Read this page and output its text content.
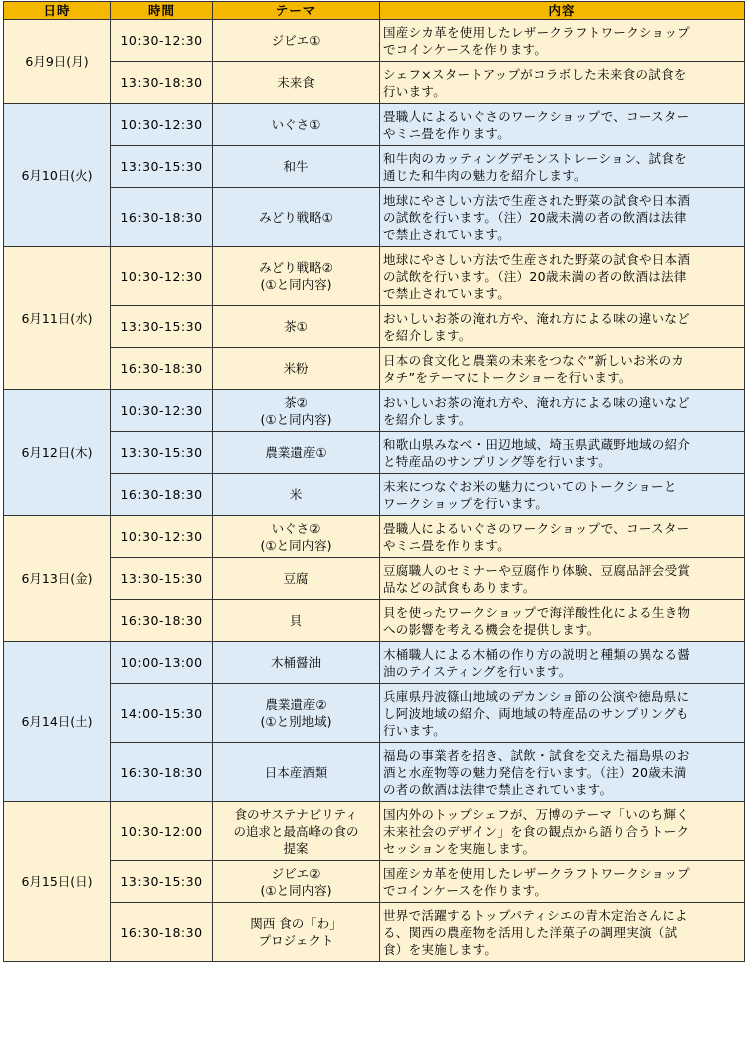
日時	時間	テーマ	内容
6月9日(月)	10:30-12:30	ジビエ①	国産シカ革を使用したレザークラフトワークショップ
でコインケースを作ります。

	13:30-18:30	未来食	シェフ×スタートアップがコラボした未来食の試食を
行います。

6月10日(火)	10:30-12:30	いぐさ①	畳職人によるいぐさのワークショップで、コースター
やミニ畳を作ります。

	13:30-15:30	和牛	和牛肉のカッティングデモンストレーション、試食を
通じた和牛肉の魅力を紹介します。

	16:30-18:30	みどり戦略①	地球にやさしい方法で生産された野菜の試食や日本酒
の試飲を行います。（注）20歳未満の者の飲酒は法律
で禁止されています。

6月11日(水)	10:30-12:30	みどり戦略②
(①と同内容)	地球にやさしい方法で生産された野菜の試食や日本酒
の試飲を行います。（注）20歳未満の者の飲酒は法律
で禁止されています。

	13:30-15:30	茶①	おいしいお茶の淹れ方や、淹れ方による味の違いなど
を紹介します。

	16:30-18:30	米粉	日本の食文化と農業の未来をつなぐ”新しいお米のカ
タチ”をテーマにトークショーを行います。

6月12日(木)	10:30-12:30	茶②
(①と同内容)	おいしいお茶の淹れ方や、淹れ方による味の違いなど
を紹介します。

	13:30-15:30	農業遺産①	和歌山県みなべ・田辺地域、埼玉県武蔵野地域の紹介
と特産品のサンプリング等を行います。

	16:30-18:30	米	未来につなぐお米の魅力についてのトークショーと
ワークショップを行います。

6月13日(金)	10:30-12:30	いぐさ②
(①と同内容)	畳職人によるいぐさのワークショップで、コースター
やミニ畳を作ります。

	13:30-15:30	豆腐	豆腐職人のセミナーや豆腐作り体験、豆腐品評会受賞
品などの試食もあります。

	16:30-18:30	貝	貝を使ったワークショップで海洋酸性化による生き物
への影響を考える機会を提供します。

6月14日(土)	10:00-13:00	木桶醤油	木桶職人による木桶の作り方の説明と種類の異なる醤
油のテイスティングを行います。

	14:00-15:30	農業遺産②
(①と別地域)	兵庫県丹波篠山地域のデカンショ節の公演や徳島県に
し阿波地域の紹介、両地域の特産品のサンプリングも
行います。

	16:30-18:30	日本産酒類	福島の事業者を招き、試飲・試食を交えた福島県のお
酒と水産物等の魅力発信を行います。（注）20歳未満
の者の飲酒は法律で禁止されています。

6月15日(日)	10:30-12:00	食のサステナビリティ
の追求と最高峰の食の
提案	国内外のトップシェフが、万博のテーマ「いのち輝く
未来社会のデザイン」を食の観点から語り合うトーク
セッションを実施します。

	13:30-15:30	ジビエ②
(①と同内容)	国産シカ革を使用したレザークラフトワークショップ
でコインケースを作ります。

	16:30-18:30	関西 食の「わ」
プロジェクト	世界で活躍するトップパティシエの青木定治さんによ
る、関西の農産物を活用した洋菓子の調理実演（試
食）を実施します。
